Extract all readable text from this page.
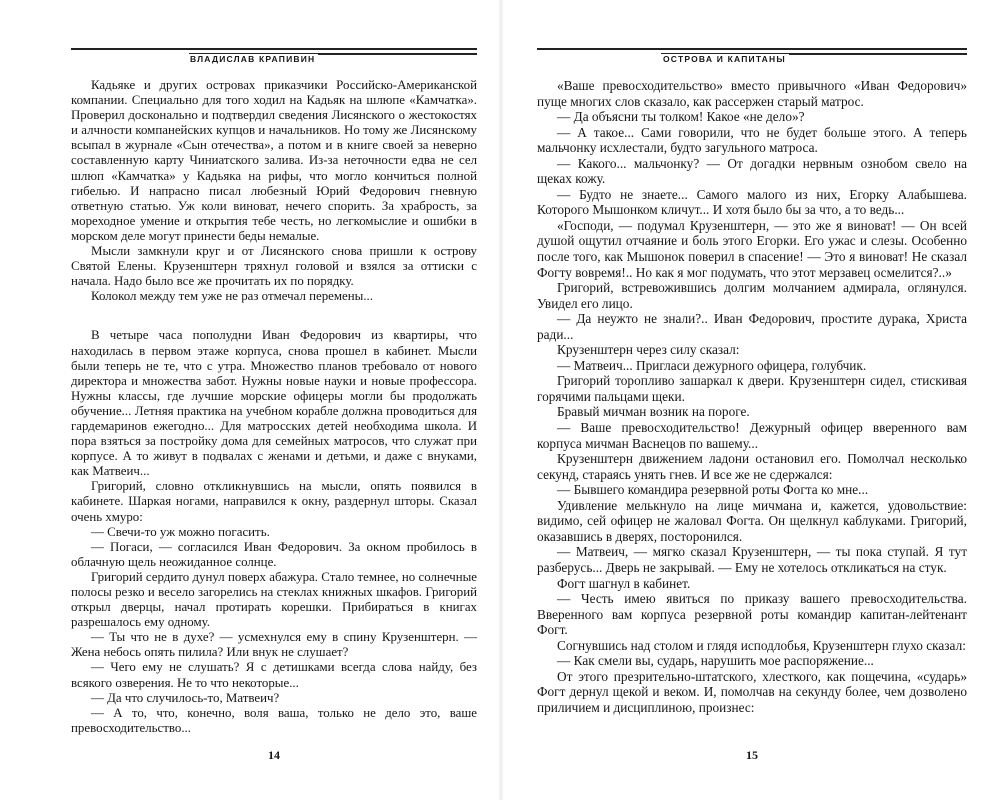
ВЛАДИСЛАВ КРАПИВИН

Кадьяке и других островах приказчики Российско-Американской компании. Специально для того ходил на Кадьяк на шлюпе «Камчатка». Проверил досконально и подтвердил сведения Лисянского о жестокостях и алчности компанейских купцов и начальников. Но тому же Лисянскому всыпал в журнале «Сын отечества», а потом и в книге своей за неверно составленную карту Чиниатского залива. Из-за неточности едва не сел шлюп «Камчатка» у Кадьяка на рифы, что могло кончиться полной гибелью. И напрасно писал любезный Юрий Федорович гневную ответную статью. Уж коли виноват, нечего спорить. За храбрость, за мореходное умение и открытия тебе честь, но легкомыслие и ошибки в морском деле могут принести беды немалые.

Мысли замкнули круг и от Лисянского снова пришли к острову Святой Елены. Крузенштерн тряхнул головой и взялся за оттиски с начала. Надо было все же прочитать их по порядку.

Колокол между тем уже не раз отмечал перемены...

В четыре часа пополудни Иван Федорович из квартиры, что находилась в первом этаже корпуса, снова прошел в кабинет. Мысли были теперь не те, что с утра. Множество планов требовало от нового директора и множества забот. Нужны новые науки и новые профессора. Нужны классы, где лучшие морские офицеры могли бы продолжать обучение... Летняя практика на учебном корабле должна проводиться для гардемаринов ежегодно... Для матросских детей необходима школа. И пора взяться за постройку дома для семейных матросов, что служат при корпусе. А то живут в подвалах с женами и детьми, и даже с внуками, как Матвеич...

Григорий, словно откликнувшись на мысли, опять появился в кабинете. Шаркая ногами, направился к окну, раздернул шторы. Сказал очень хмуро:

— Свечи-то уж можно погасить.

— Погаси, — согласился Иван Федорович. За окном пробилось в облачную щель неожиданное солнце.

Григорий сердито дунул поверх абажура. Стало темнее, но солнечные полосы резко и весело загорелись на стеклах книжных шкафов. Григорий открыл дверцы, начал протирать корешки. Прибираться в книгах разрешалось ему одному.

— Ты что не в духе? — усмехнулся ему в спину Крузенштерн. — Жена небось опять пилила? Или внук не слушает?

— Чего ему не слушать? Я с детишками всегда слова найду, без всякого озверения. Не то что некоторые...

— Да что случилось-то, Матвеич?

— А то, что, конечно, воля ваша, только не дело это, ваше превосходительство...

14
ОСТРОВА И КАПИТАНЫ

«Ваше превосходительство» вместо привычного «Иван Федорович» пуще многих слов сказало, как рассержен старый матрос.

— Да объясни ты толком! Какое «не дело»?

— А такое... Сами говорили, что не будет больше этого. А теперь мальчонку исхлестали, будто загульного матроса.

— Какого... мальчонку? — От догадки нервным ознобом свело на щеках кожу.

— Будто не знаете... Самого малого из них, Егорку Алабышева. Которого Мышонком кличут... И хотя было бы за что, а то ведь...

«Господи, — подумал Крузенштерн, — это же я виноват! — Он всей душой ощутил отчаяние и боль этого Егорки. Его ужас и слезы. Особенно после того, как Мышонок поверил в спасение! — Это я виноват! Не сказал Фогту вовремя!.. Но как я мог подумать, что этот мерзавец осмелится?..»

Григорий, встревожившись долгим молчанием адмирала, оглянулся. Увидел его лицо.

— Да неужто не знали?.. Иван Федорович, простите дурака, Христа ради...

Крузенштерн через силу сказал:

— Матвеич... Пригласи дежурного офицера, голубчик.

Григорий торопливо зашаркал к двери. Крузенштерн сидел, стискивая горячими пальцами щеки.

Бравый мичман возник на пороге.

— Ваше превосходительство! Дежурный офицер вверенного вам корпуса мичман Васнецов по вашему...

Крузенштерн движением ладони остановил его. Помолчал несколько секунд, стараясь унять гнев. И все же не сдержался:

— Бывшего командира резервной роты Фогта ко мне...

Удивление мелькнуло на лице мичмана и, кажется, удовольствие: видимо, сей офицер не жаловал Фогта. Он щелкнул каблуками. Григорий, оказавшись в дверях, посторонился.

— Матвеич, — мягко сказал Крузенштерн, — ты пока ступай. Я тут разберусь... Дверь не закрывай. — Ему не хотелось откликаться на стук.

Фогт шагнул в кабинет.

— Честь имею явиться по приказу вашего превосходительства. Вверенного вам корпуса резервной роты командир капитан-лейтенант Фогт.

Согнувшись над столом и глядя исподлобья, Крузенштерн глухо сказал:

— Как смели вы, сударь, нарушить мое распоряжение...

От этого презрительно-штатского, хлесткого, как пощечина, «сударь» Фогт дернул щекой и веком. И, помолчав на секунду более, чем дозволено приличием и дисциплиною, произнес:

15
